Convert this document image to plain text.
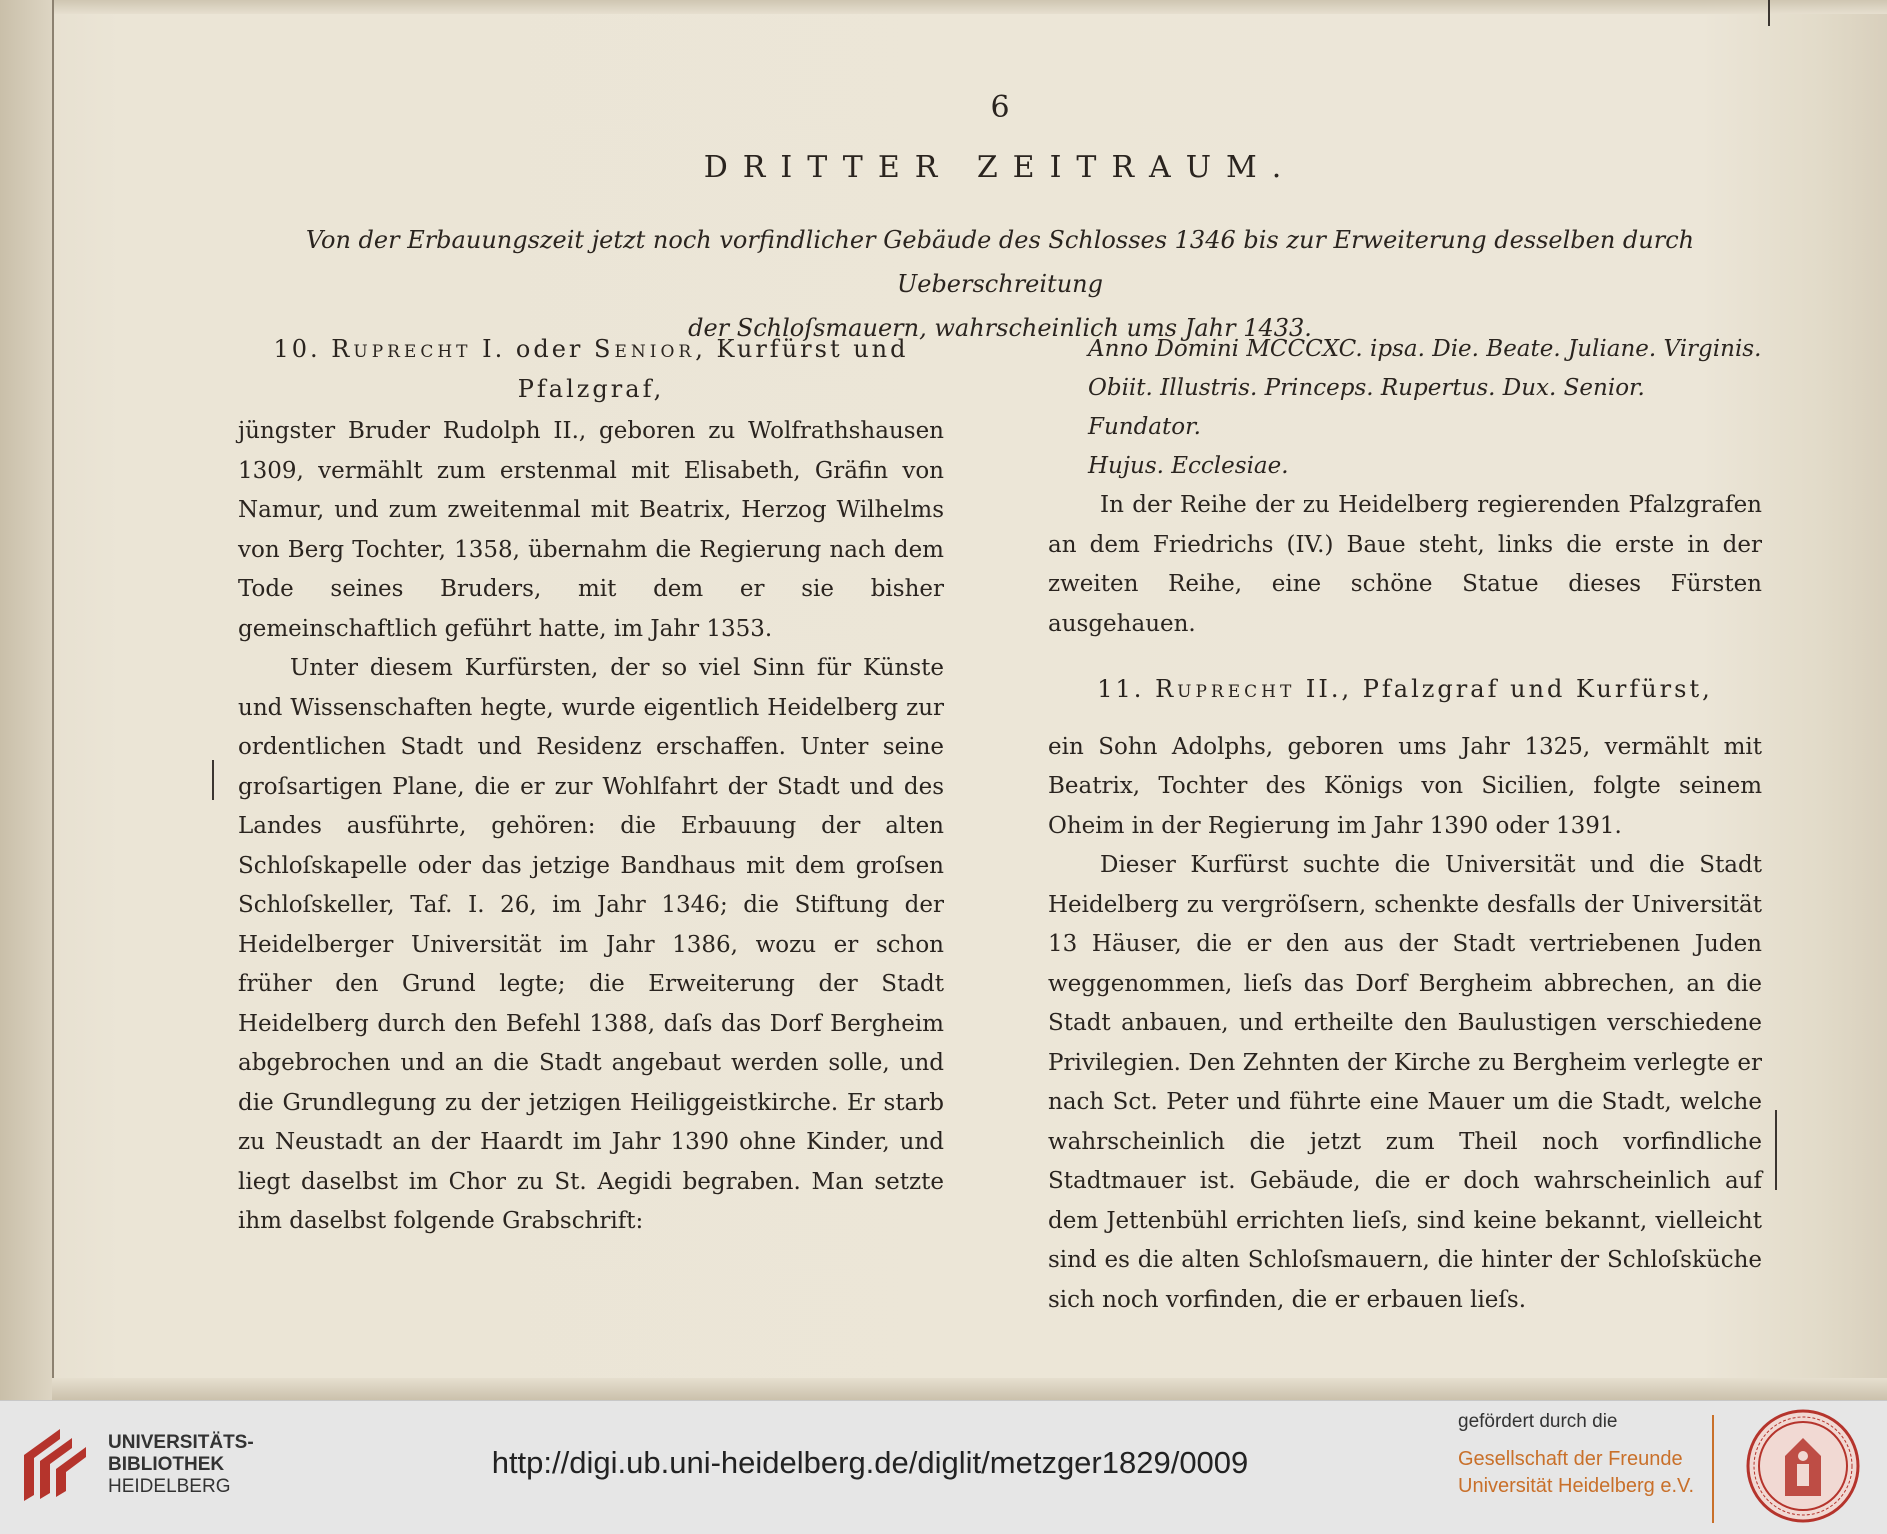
6
DRITTER ZEITRAUM.
Von der Erbauungszeit jetzt noch vorfindlicher Gebäude des Schlosses 1346 bis zur Erweiterung desselben durch Ueberschreitung
der Schloſsmauern, wahrscheinlich ums Jahr 1433.

10. Ruprecht I. oder Senior, Kurfürst und

Pfalzgraf,

jüngster Bruder Rudolph II., geboren zu Wolfrathshausen 1309, vermählt zum erstenmal mit Elisabeth, Gräfin von Namur, und zum zweitenmal mit Beatrix, Herzog Wilhelms von Berg Tochter, 1358, übernahm die Regierung nach dem Tode seines Bruders, mit dem er sie bisher gemeinschaftlich geführt hatte, im Jahr 1353.

Unter diesem Kurfürsten, der so viel Sinn für Künste und Wissenschaften hegte, wurde eigentlich Heidelberg zur ordentlichen Stadt und Residenz erschaffen. Unter seine groſsartigen Plane, die er zur Wohlfahrt der Stadt und des Landes ausführte, gehören: die Erbauung der alten Schloſskapelle oder das jetzige Bandhaus mit dem groſsen Schloſskeller, Taf. I. 26, im Jahr 1346; die Stiftung der Heidelberger Universität im Jahr 1386, wozu er schon früher den Grund legte; die Erweiterung der Stadt Heidelberg durch den Befehl 1388, daſs das Dorf Bergheim abgebrochen und an die Stadt angebaut werden solle, und die Grundlegung zu der jetzigen Heiliggeistkirche. Er starb zu Neustadt an der Haardt im Jahr 1390 ohne Kinder, und liegt daselbst im Chor zu St. Aegidi begraben. Man setzte ihm daselbst folgende Grabschrift:

Anno Domini MCCCXC. ipsa. Die. Beate. Juliane. Virginis.

Obiit. Illustris. Princeps. Rupertus. Dux. Senior. Fundator.

Hujus. Ecclesiae.

In der Reihe der zu Heidelberg regierenden Pfalzgrafen an dem Friedrichs (IV.) Baue steht, links die erste in der zweiten Reihe, eine schöne Statue dieses Fürsten ausgehauen.

11. Ruprecht II., Pfalzgraf und Kurfürst,

ein Sohn Adolphs, geboren ums Jahr 1325, vermählt mit Beatrix, Tochter des Königs von Sicilien, folgte seinem Oheim in der Regierung im Jahr 1390 oder 1391.

Dieser Kurfürst suchte die Universität und die Stadt Heidelberg zu vergröſsern, schenkte desfalls der Universität 13 Häuser, die er den aus der Stadt vertriebenen Juden weggenommen, lieſs das Dorf Bergheim abbrechen, an die Stadt anbauen, und ertheilte den Baulustigen verschiedene Privilegien. Den Zehnten der Kirche zu Bergheim verlegte er nach Sct. Peter und führte eine Mauer um die Stadt, welche wahrscheinlich die jetzt zum Theil noch vorfindliche Stadtmauer ist. Gebäude, die er doch wahrscheinlich auf dem Jettenbühl errichten lieſs, sind keine bekannt, vielleicht sind es die alten Schloſsmauern, die hinter der Schloſsküche sich noch vorfinden, die er erbauen lieſs.

UNIVERSITÄTS-
BIBLIOTHEK
HEIDELBERG
http://digi.ub.uni-heidelberg.de/diglit/metzger1829/0009
gefördert durch die
Gesellschaft der Freunde
Universität Heidelberg e.V.
